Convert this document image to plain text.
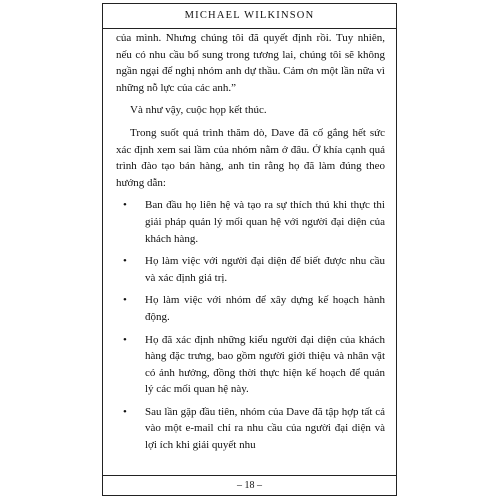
MICHAEL WILKINSON

của mình. Nhưng chúng tôi đã quyết định rồi. Tuy nhiên, nếu có nhu cầu bổ sung trong tương lai, chúng tôi sẽ không ngần ngại để nghị nhóm anh dự thầu. Cảm ơn một lần nữa vì những nỗ lực của các anh.”

Và như vậy, cuộc họp kết thúc.

Trong suốt quá trình thăm dò, Dave đã cố gắng hết sức xác định xem sai lầm của nhóm nằm ở đâu. Ở khía cạnh quá trình đào tạo bán hàng, anh tin rằng họ đã làm đúng theo hướng dẫn:

• Ban đầu họ liên hệ và tạo ra sự thích thú khi thực thi giải pháp quản lý mối quan hệ với người đại diện của khách hàng.
• Họ làm việc với người đại diện để biết được nhu cầu và xác định giá trị.
• Họ làm việc với nhóm để xây dựng kế hoạch hành động.
• Họ đã xác định những kiểu người đại diện của khách hàng đặc trưng, bao gồm người giới thiệu và nhân vật có ảnh hưởng, đồng thời thực hiện kế hoạch để quản lý các mối quan hệ này.
• Sau lần gặp đầu tiên, nhóm của Dave đã tập hợp tất cả vào một e-mail chỉ ra nhu cầu của người đại diện và lợi ích khi giải quyết nhu
– 18 –
